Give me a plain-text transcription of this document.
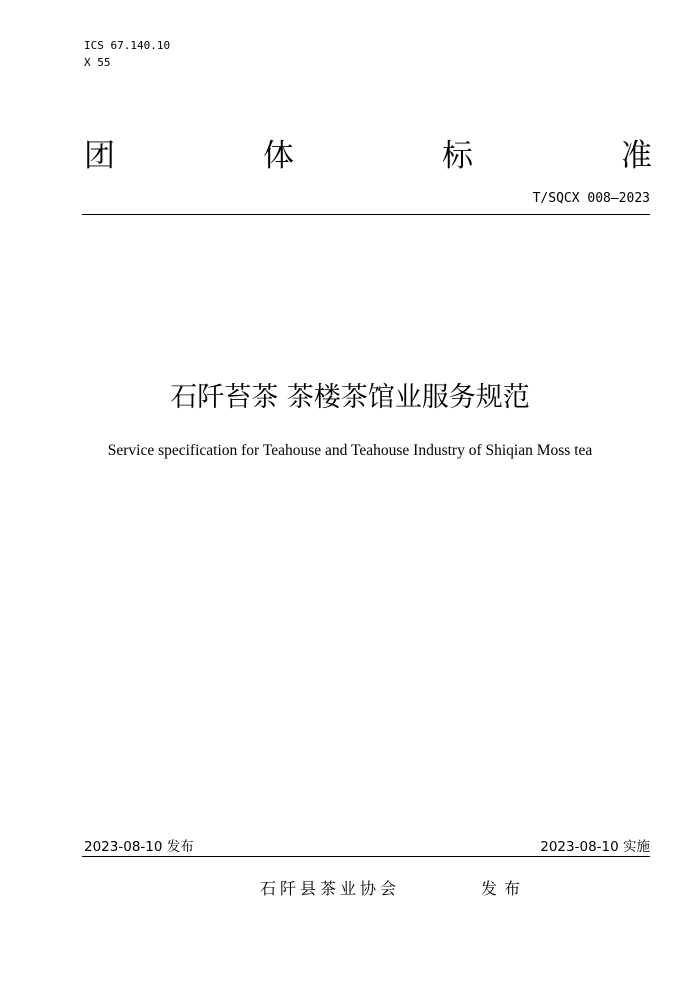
ICS 67.140.10
X 55
团	体	标	准
T/SQCX 008—2023
石阡苔茶 茶楼茶馆业服务规范
Service specification for Teahouse and Teahouse Industry of Shiqian Moss tea
2023-08-10 发布	2023-08-10 实施
石阡县茶业协会	发布
